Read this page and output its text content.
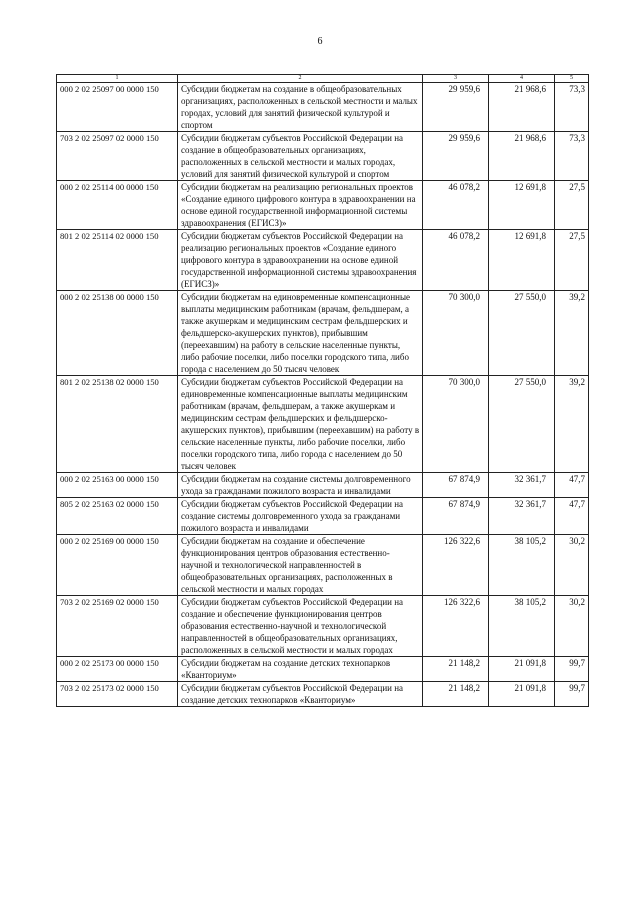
6
1	2	3	4	5
000 2 02 25097 00 0000 150	Субсидии бюджетам на создание в общеобразовательных организациях, расположенных в сельской местности и малых городах, условий для занятий физической культурой и спортом	29 959,6	21 968,6	73,3
703 2 02 25097 02 0000 150	Субсидии бюджетам субъектов Российской Федерации на создание в общеобразовательных организациях, расположенных в сельской местности и малых городах, условий для занятий физической культурой и спортом	29 959,6	21 968,6	73,3
000 2 02 25114 00 0000 150	Субсидии бюджетам на реализацию региональных проектов «Создание единого цифрового контура в здравоохранении на основе единой государственной информационной системы здравоохранения (ЕГИСЗ)»	46 078,2	12 691,8	27,5
801 2 02 25114 02 0000 150	Субсидии бюджетам субъектов Российской Федерации на реализацию региональных проектов «Создание единого цифрового контура в здравоохранении на основе единой государственной информационной системы здравоохранения (ЕГИСЗ)»	46 078,2	12 691,8	27,5
000 2 02 25138 00 0000 150	Субсидии бюджетам на единовременные компенсационные выплаты медицинским работникам (врачам, фельдшерам, а также акушеркам и медицинским сестрам фельдшерских и фельдшерско-акушерских пунктов), прибывшим (переехавшим) на работу в сельские населенные пункты, либо рабочие поселки, либо поселки городского типа, либо города с населением до 50 тысяч человек	70 300,0	27 550,0	39,2
801 2 02 25138 02 0000 150	Субсидии бюджетам субъектов Российской Федерации на единовременные компенсационные выплаты медицинским работникам (врачам, фельдшерам, а также акушеркам и медицинским сестрам фельдшерских и фельдшерско-акушерских пунктов), прибывшим (переехавшим) на работу в сельские населенные пункты, либо рабочие поселки, либо поселки городского типа, либо города с населением до 50 тысяч человек	70 300,0	27 550,0	39,2
000 2 02 25163 00 0000 150	Субсидии бюджетам на создание системы долговременного ухода за гражданами пожилого возраста и инвалидами	67 874,9	32 361,7	47,7
805 2 02 25163 02 0000 150	Субсидии бюджетам субъектов Российской Федерации на создание системы долговременного ухода за гражданами пожилого возраста и инвалидами	67 874,9	32 361,7	47,7
000 2 02 25169 00 0000 150	Субсидии бюджетам на создание и обеспечение функционирования центров образования естественно-научной и технологической направленностей в общеобразовательных организациях, расположенных в сельской местности и малых городах	126 322,6	38 105,2	30,2
703 2 02 25169 02 0000 150	Субсидии бюджетам субъектов Российской Федерации на создание и обеспечение функционирования центров образования естественно-научной и технологической направленностей в общеобразовательных организациях, расположенных в сельской местности и малых городах	126 322,6	38 105,2	30,2
000 2 02 25173 00 0000 150	Субсидии бюджетам на создание детских технопарков «Кванториум»	21 148,2	21 091,8	99,7
703 2 02 25173 02 0000 150	Субсидии бюджетам субъектов Российской Федерации на создание детских технопарков «Кванториум»	21 148,2	21 091,8	99,7
